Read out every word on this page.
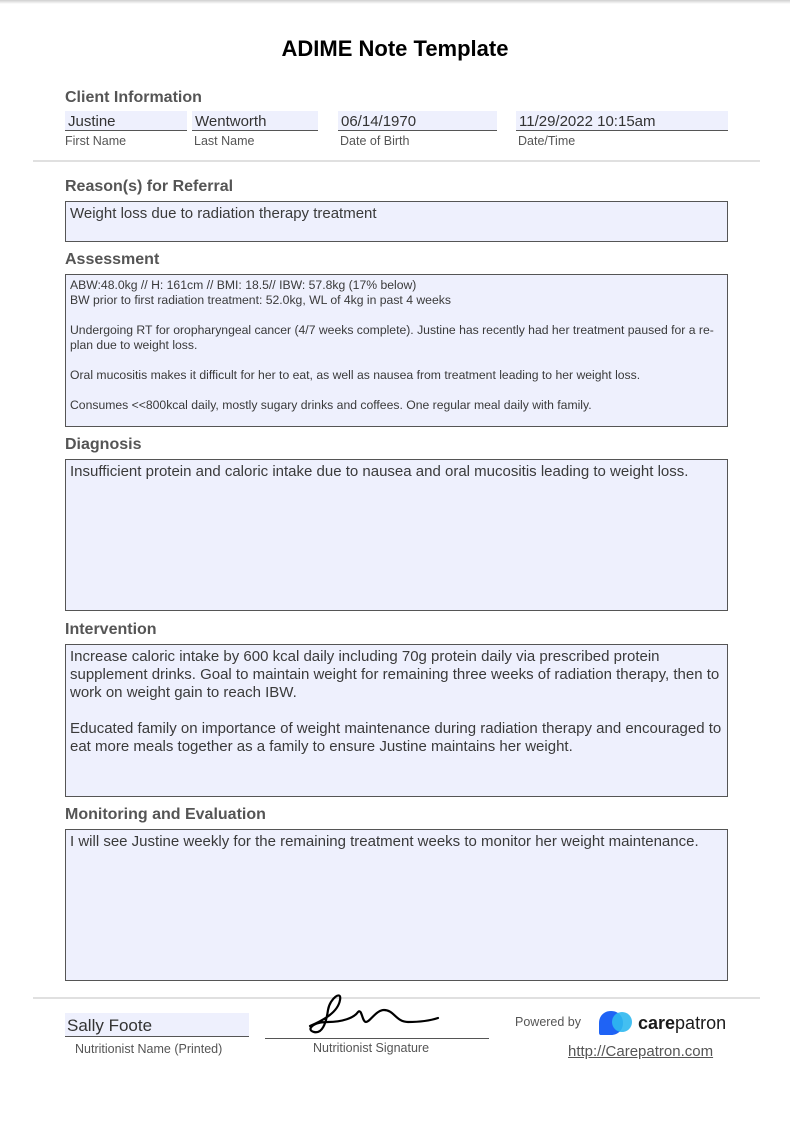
ADIME Note Template
Client Information
Justine	Wentworth	06/14/1970	11/29/2022 10:15am
First Name	Last Name	Date of Birth	Date/Time
Reason(s) for Referral

Weight loss due to radiation therapy treatment

Assessment
ABW:48.0kg // H: 161cm // BMI: 18.5// IBW: 57.8kg (17% below)

BW prior to first radiation treatment: 52.0kg, WL of 4kg in past 4 weeks

Undergoing RT for oropharyngeal cancer (4/7 weeks complete). Justine has recently had her treatment paused for a re-plan due to weight loss.

Oral mucositis makes it difficult for her to eat, as well as nausea from treatment leading to her weight loss.

Consumes <<800kcal daily, mostly sugary drinks and coffees. One regular meal daily with family.

Diagnosis

Insufficient protein and caloric intake due to nausea and oral mucositis leading to weight loss.

Intervention

Increase caloric intake by 600 kcal daily including 70g protein daily via prescribed protein supplement drinks. Goal to maintain weight for remaining three weeks of radiation therapy, then to work on weight gain to reach IBW.

Educated family on importance of weight maintenance during radiation therapy and encouraged to eat more meals together as a family to ensure Justine maintains her weight.

Monitoring and Evaluation

I will see Justine weekly for the remaining treatment weeks to monitor her weight maintenance.

Sally Foote
Nutritionist Name (Printed)	Nutritionist Signature
Powered by	carepatron
http://Carepatron.com
